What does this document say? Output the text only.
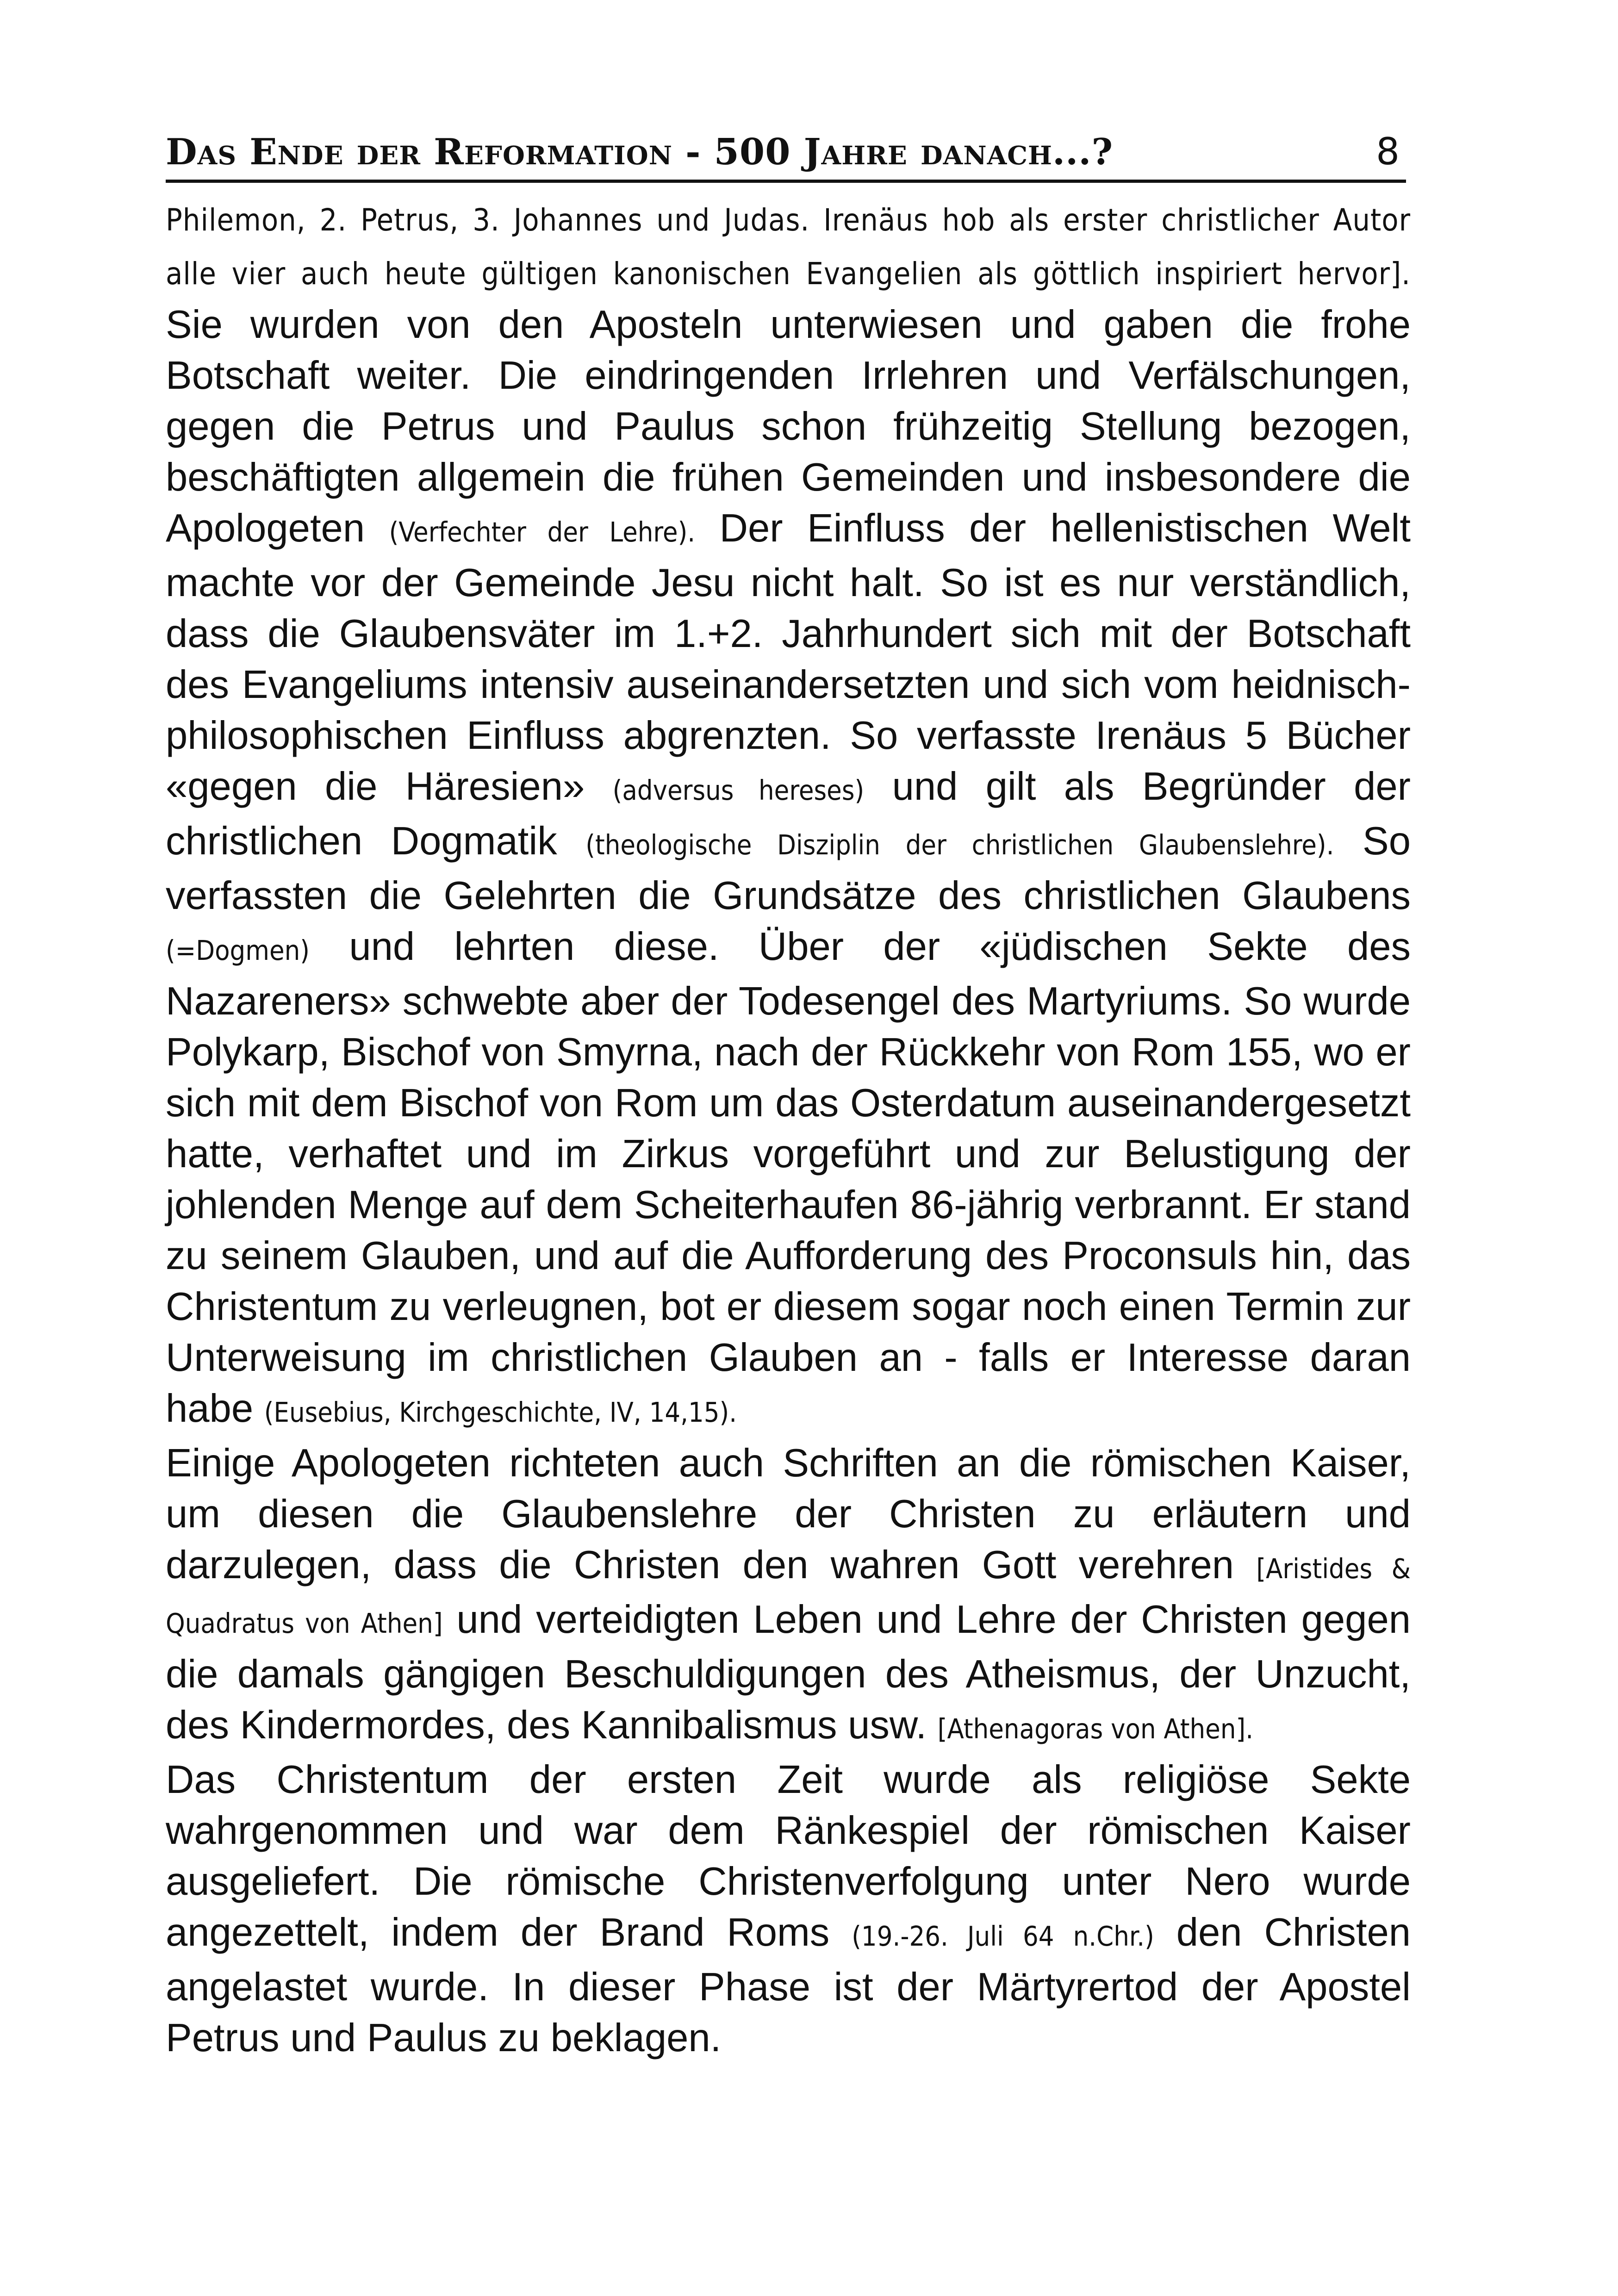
Das Ende der Reformation - 500 Jahre danach...?	8

Philemon, 2. Petrus, 3. Johannes und Judas. Irenäus hob als erster christlicher Autor alle vier auch heute gültigen kanonischen Evangelien als göttlich inspiriert hervor]. Sie wurden von den Aposteln unterwiesen und gaben die frohe Botschaft weiter. Die eindringenden Irrlehren und Verfälschungen, gegen die Petrus und Paulus schon frühzeitig Stellung bezogen, beschäftigten allgemein die frühen Gemeinden und insbesondere die Apologeten (Verfechter der Lehre). Der Einfluss der hellenistischen Welt machte vor der Gemeinde Jesu nicht halt. So ist es nur verständlich, dass die Glaubensväter im 1.+2. Jahrhundert sich mit der Botschaft des Evangeliums intensiv auseinandersetzten und sich vom heidnisch-philosophischen Einfluss abgrenzten. So verfasste Irenäus 5 Bücher «gegen die Häresien» (adversus hereses) und gilt als Begründer der christlichen Dogmatik (theologische Disziplin der christlichen Glaubenslehre). So verfassten die Gelehrten die Grundsätze des christlichen Glaubens (=Dogmen) und lehrten diese. Über der «jüdischen Sekte des Nazareners» schwebte aber der Todesengel des Martyriums. So wurde Polykarp, Bischof von Smyrna, nach der Rückkehr von Rom 155, wo er sich mit dem Bischof von Rom um das Osterdatum auseinandergesetzt hatte, verhaftet und im Zirkus vorgeführt und zur Belustigung der johlenden Menge auf dem Scheiterhaufen 86-jährig verbrannt. Er stand zu seinem Glauben, und auf die Aufforderung des Proconsuls hin, das Christentum zu verleugnen, bot er diesem sogar noch einen Termin zur Unterweisung im christlichen Glauben an - falls er Interesse daran habe (Eusebius, Kirchgeschichte, IV, 14,15).

Einige Apologeten richteten auch Schriften an die römischen Kaiser, um diesen die Glaubenslehre der Christen zu erläutern und darzulegen, dass die Christen den wahren Gott verehren [Aristides & Quadratus von Athen] und verteidigten Leben und Lehre der Christen gegen die damals gängigen Beschuldigungen des Atheismus, der Unzucht, des Kindermordes, des Kannibalismus usw. [Athenagoras von Athen].

Das Christentum der ersten Zeit wurde als religiöse Sekte wahrgenommen und war dem Ränkespiel der römischen Kaiser ausgeliefert. Die römische Christenverfolgung unter Nero wurde angezettelt, indem der Brand Roms (19.-26. Juli 64 n.Chr.) den Christen angelastet wurde. In dieser Phase ist der Märtyrertod der Apostel Petrus und Paulus zu beklagen.
